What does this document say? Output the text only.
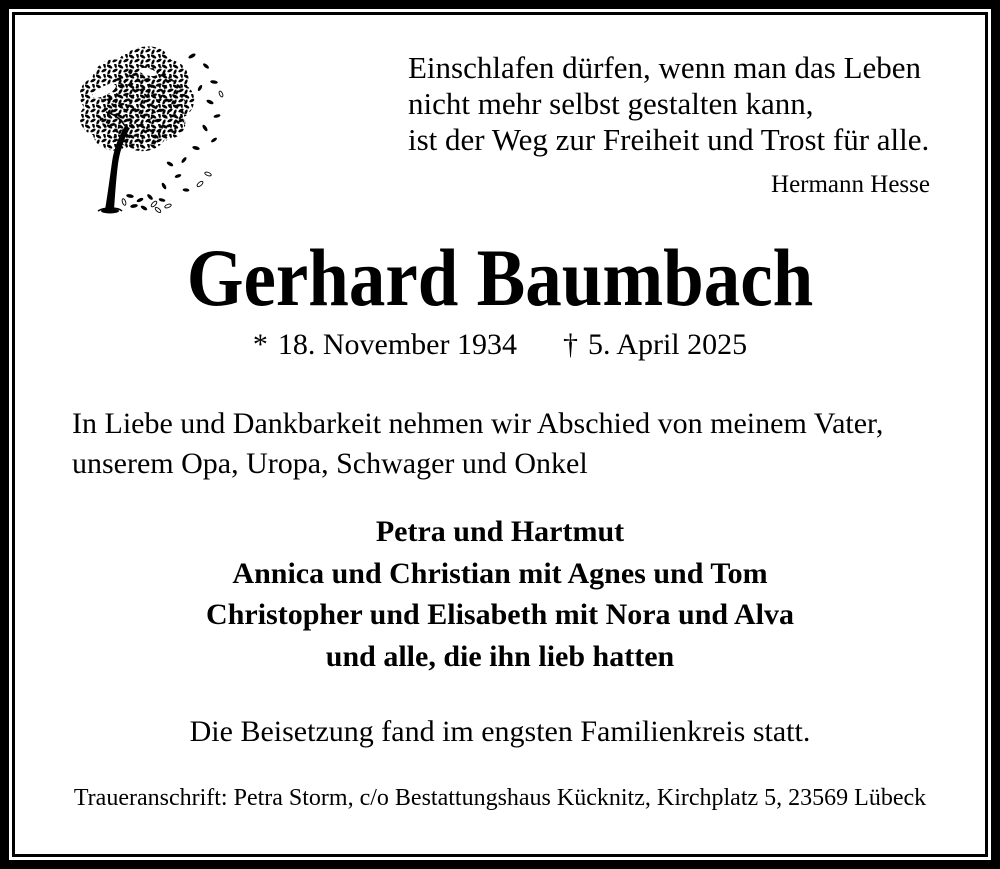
Einschlafen dürfen, wenn man das Leben
nicht mehr selbst gestalten kann,
ist der Weg zur Freiheit und Trost für alle.
Hermann Hesse
Gerhard Baumbach
* 18. November 1934 † 5. April 2025
In Liebe und Dankbarkeit nehmen wir Abschied von meinem Vater, unserem Opa, Uropa, Schwager und Onkel
Petra und Hartmut
Annica und Christian mit Agnes und Tom
Christopher und Elisabeth mit Nora und Alva
und alle, die ihn lieb hatten
Die Beisetzung fand im engsten Familienkreis statt.
Traueranschrift: Petra Storm, c/o Bestattungshaus Kücknitz, Kirchplatz 5, 23569 Lübeck
